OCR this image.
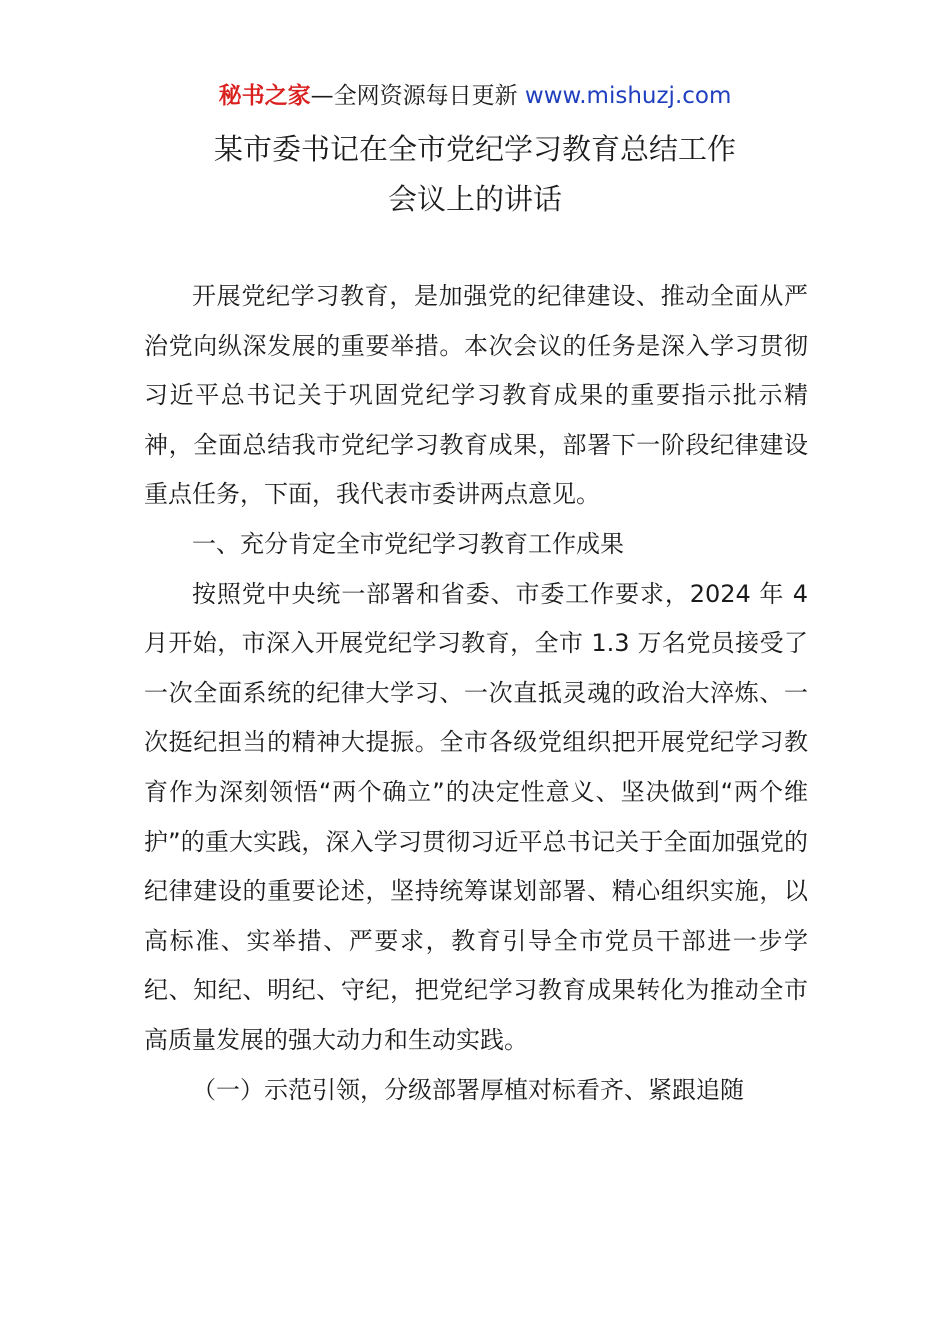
秘书之家—全网资源每日更新 www.mishuzj.com
某市委书记在全市党纪学习教育总结工作
会议上的讲话

开展党纪学习教育，是加强党的纪律建设、推动全面从严治党向纵深发展的重要举措。本次会议的任务是深入学习贯彻习近平总书记关于巩固党纪学习教育成果的重要指示批示精神，全面总结我市党纪学习教育成果，部署下一阶段纪律建设重点任务，下面，我代表市委讲两点意见。

一、充分肯定全市党纪学习教育工作成果

按照党中央统一部署和省委、市委工作要求，2024 年 4 月开始，市深入开展党纪学习教育，全市 1.3 万名党员接受了一次全面系统的纪律大学习、一次直抵灵魂的政治大淬炼、一次挺纪担当的精神大提振。全市各级党组织把开展党纪学习教育作为深刻领悟“两个确立”的决定性意义、坚决做到“两个维护”的重大实践，深入学习贯彻习近平总书记关于全面加强党的纪律建设的重要论述，坚持统筹谋划部署、精心组织实施，以高标准、实举措、严要求，教育引导全市党员干部进一步学纪、知纪、明纪、守纪，把党纪学习教育成果转化为推动全市高质量发展的强大动力和生动实践。

（一）示范引领，分级部署厚植对标看齐、紧跟追随
